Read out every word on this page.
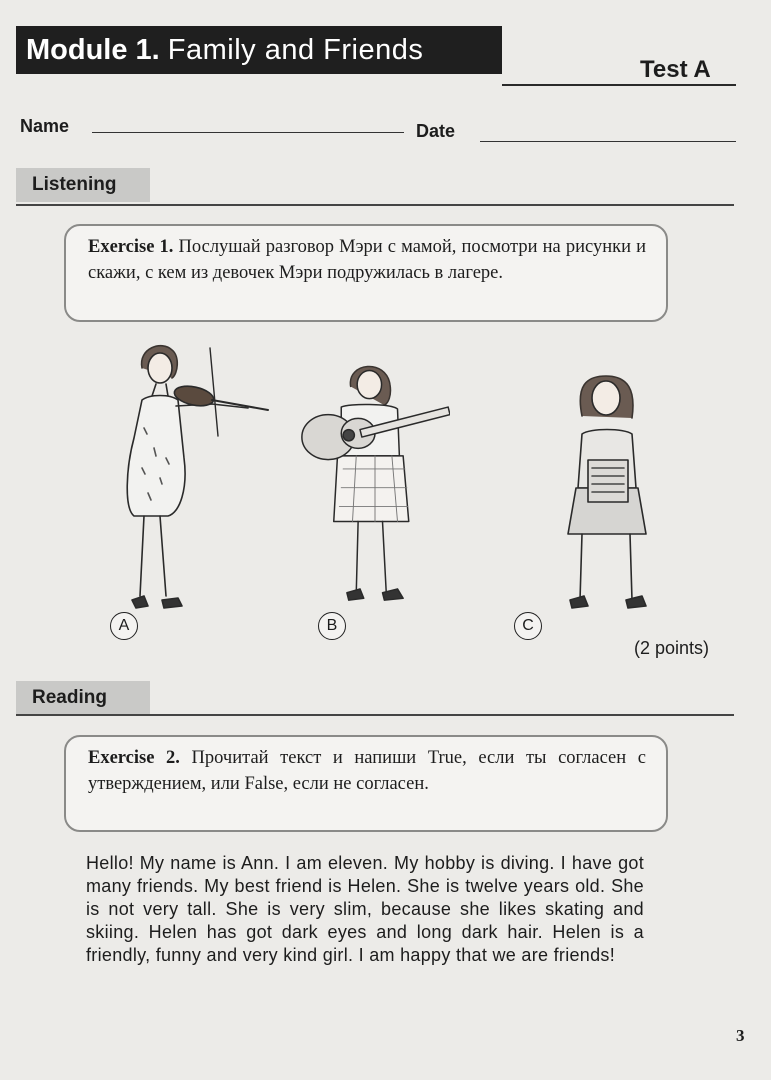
Module 1. Family and Friends
Test A
Name	Date
Listening
Exercise 1. Послушай разговор Мэри с мамой, посмотри на рисунки и скажи, с кем из девочек Мэри подружилась в лагере.
A	B	C
(2 points)
Reading
Exercise 2. Прочитай текст и напиши True, если ты согласен с утверждением, или False, если не согласен.
Hello! My name is Ann. I am eleven. My hobby is diving. I have got many friends. My best friend is Helen. She is twelve years old. She is not very tall. She is very slim, because she likes skating and skiing. Helen has got dark eyes and long dark hair. Helen is a friendly, funny and very kind girl. I am happy that we are friends!
3
